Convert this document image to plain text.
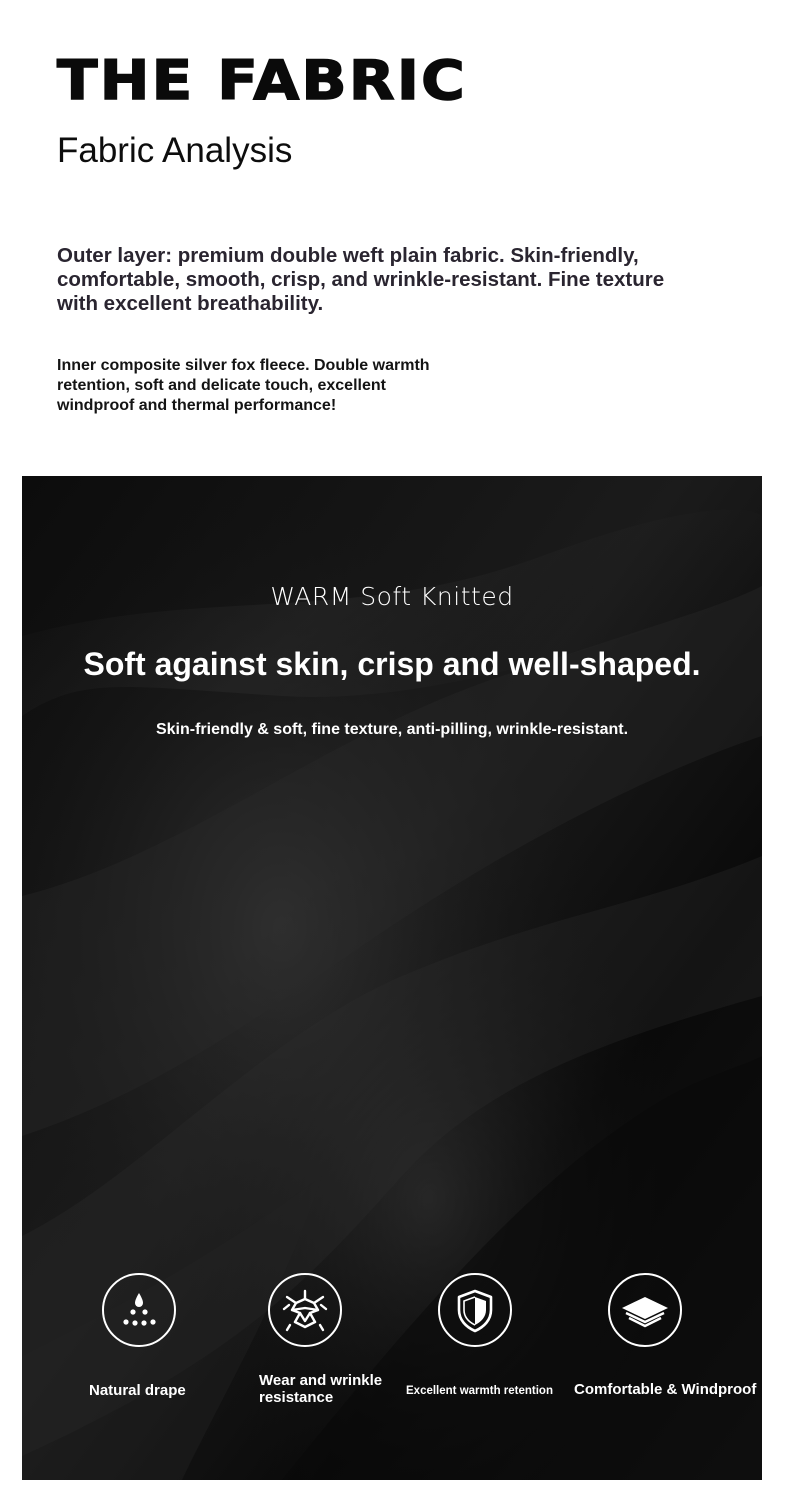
THE FABRIC
Fabric Analysis

Outer layer: premium double weft plain fabric. Skin-friendly, comfortable, smooth, crisp, and wrinkle-resistant. Fine texture with excellent breathability.

Inner composite silver fox fleece. Double warmth retention, soft and delicate touch, excellent windproof and thermal performance!

WARM Soft Knitted
Soft against skin, crisp and well-shaped.
Skin-friendly & soft, fine texture, anti-pilling, wrinkle-resistant.
Natural drape
Wear and wrinkle resistance	Excellent warmth retention Comfortable & Windproof
